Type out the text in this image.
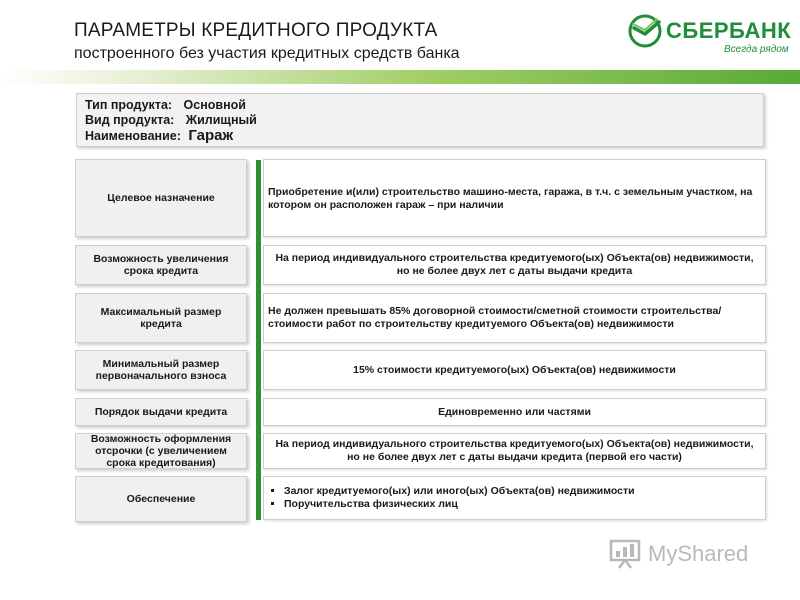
ПАРАМЕТРЫ КРЕДИТНОГО ПРОДУКТА
построенного без участия кредитных средств банка
СБЕРБАНК
Всегда рядом
Тип продукта: Основной
Вид продукта: Жилищный
Наименование: Гараж
Целевое назначение	Приобретение и(или) строительство машино-места, гаража, в т.ч. с земельным участком, на котором он расположен гараж – при наличии
Возможность увеличения срока кредита
На период индивидуального строительства кредитуемого(ых) Объекта(ов) недвижимости, но не более двух лет с даты выдачи кредита
Максимальный размер кредита
Не должен превышать 85% договорной стоимости/сметной стоимости строительства/стоимости работ по строительству кредитуемого Объекта(ов) недвижимости
Минимальный размер первоначального взноса
15% стоимости кредитуемого(ых) Объекта(ов) недвижимости
Порядок выдачи кредита	Единовременно или частями
Возможность оформления отсрочки (с увеличением срока кредитования)
На период индивидуального строительства кредитуемого(ых) Объекта(ов) недвижимости, но не более двух лет с даты выдачи кредита (первой его части)
Обеспечение
▪ Залог кредитуемого(ых) или иного(ых) Объекта(ов) недвижимости
▪ Поручительства физических лиц
MyShared
